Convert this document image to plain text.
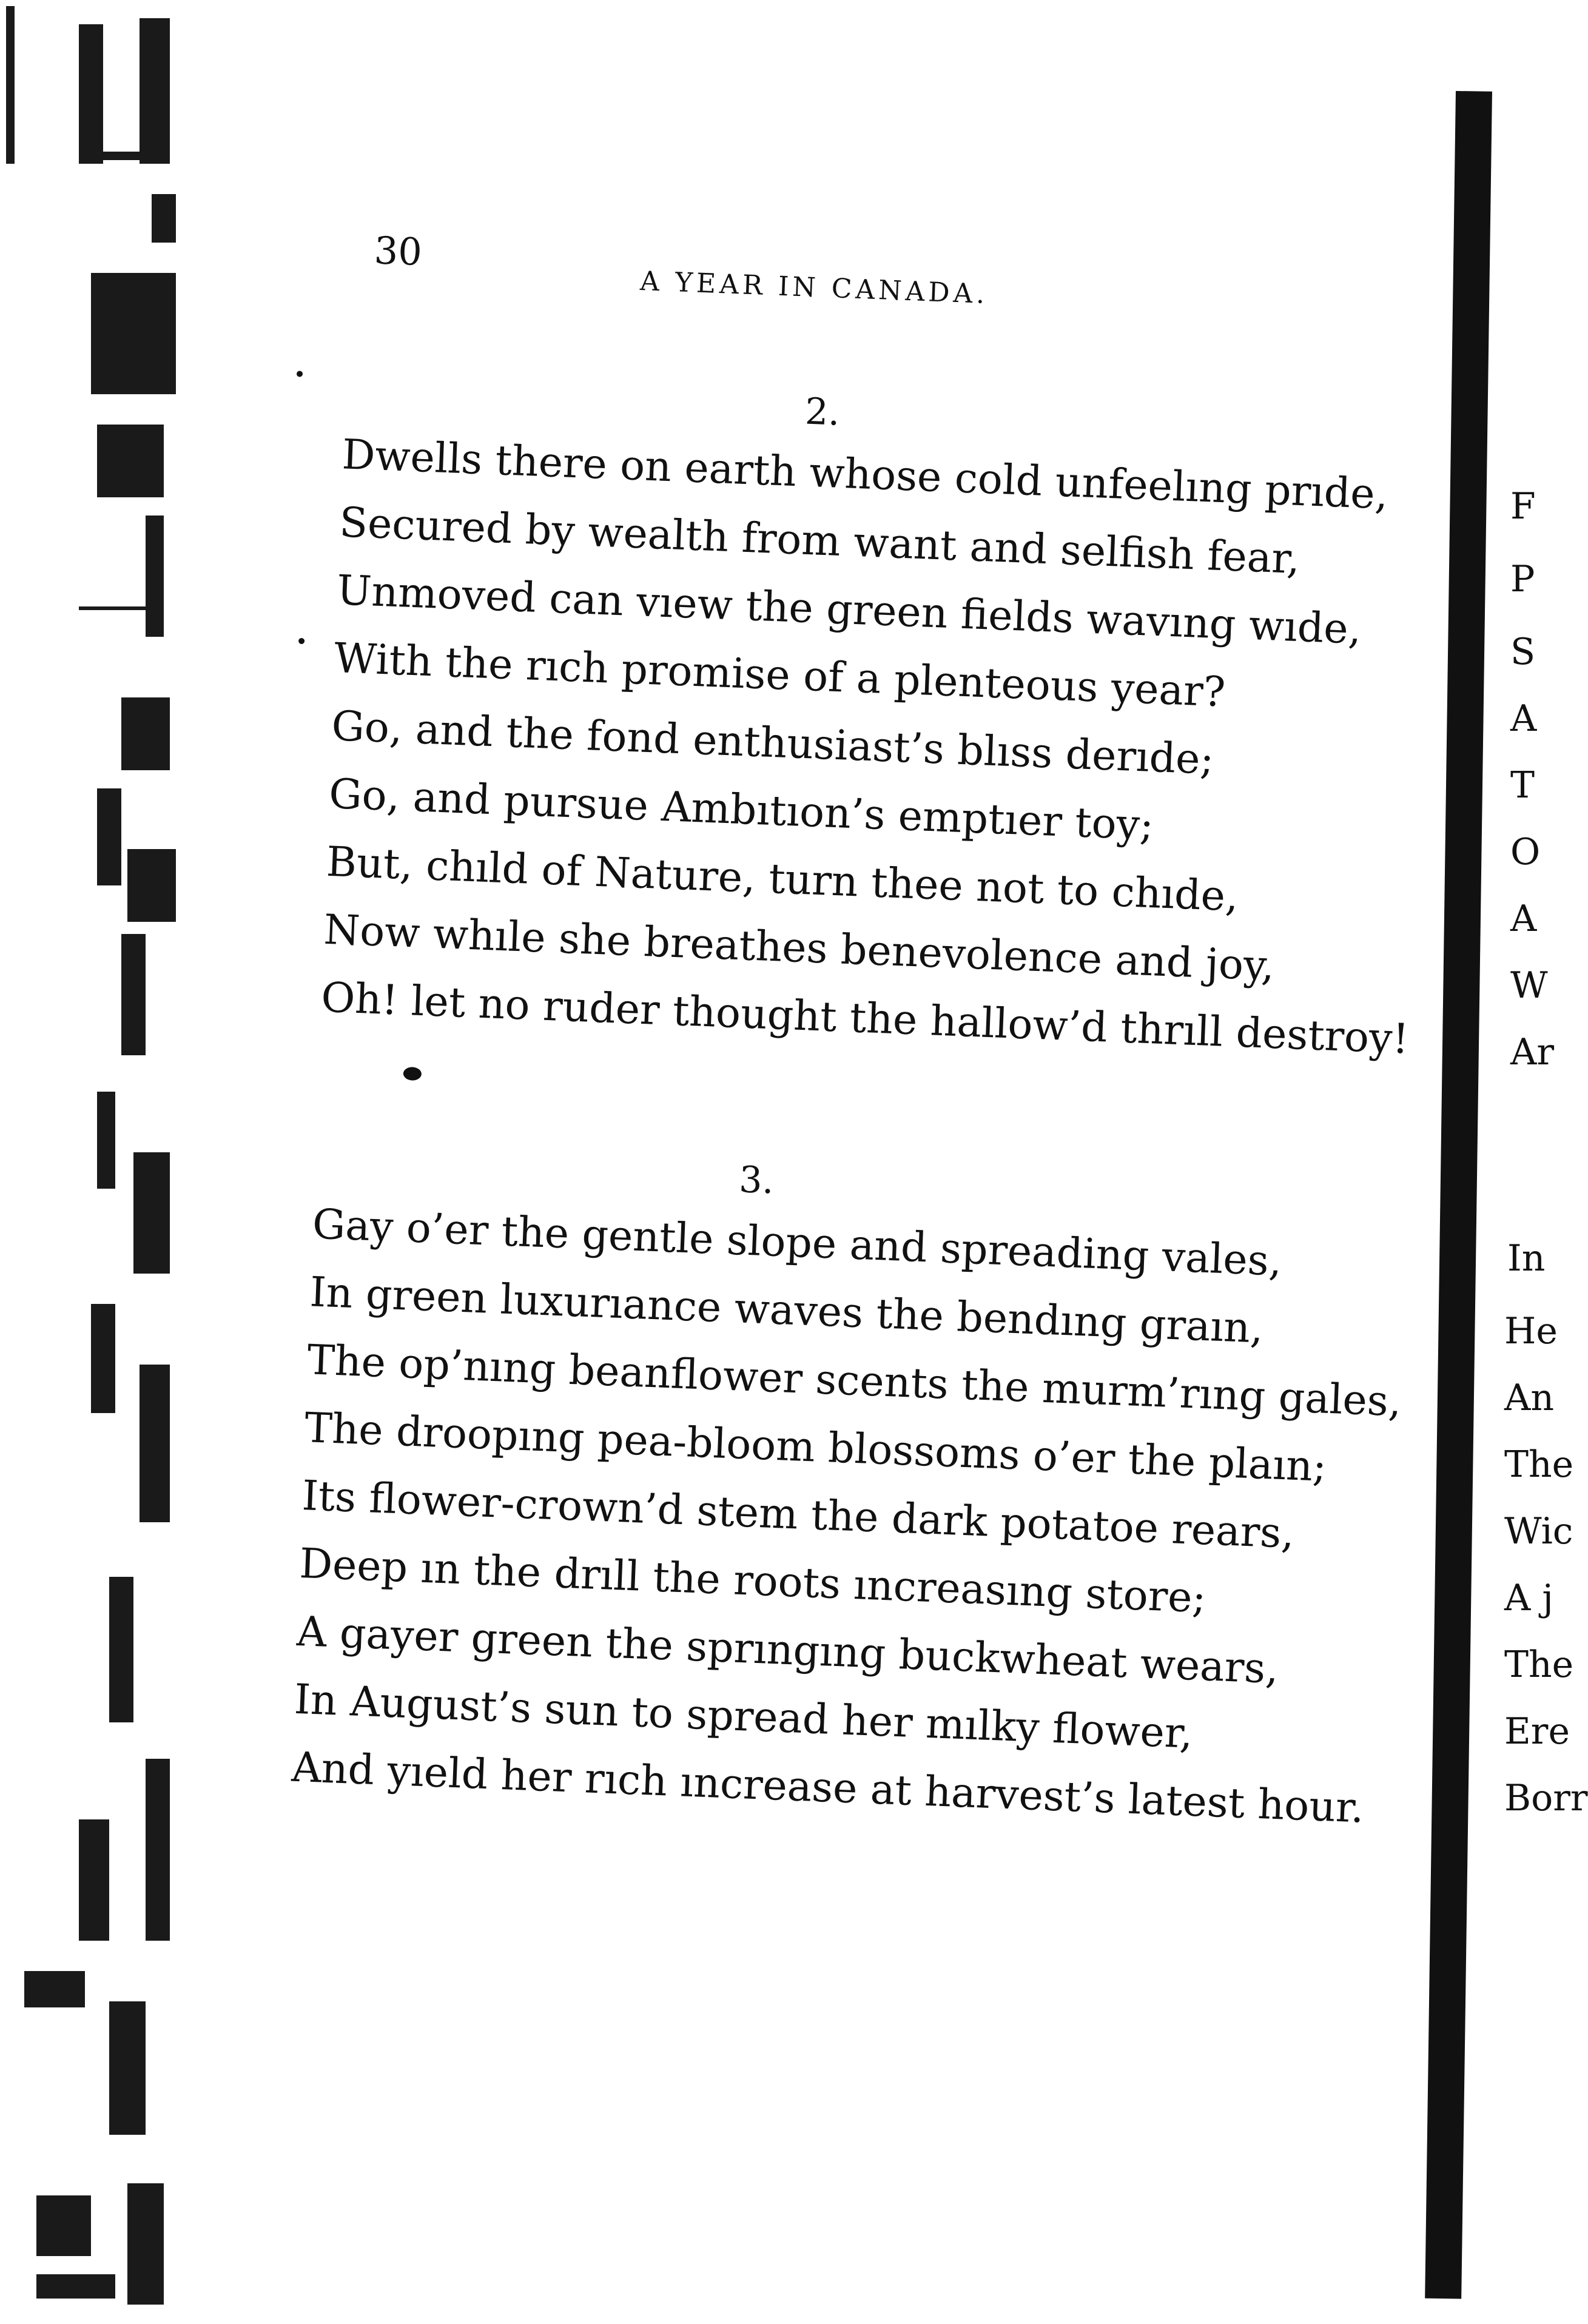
30
A YEAR IN CANADA.
2.
Dwells there on earth whose cold unfeelıng prıde,
Secured by wealth from want and selfish fear,
Unmoved can vıew the green fields wavıng wıde,
With the rıch promise of a plenteous year?
Go, and the fond enthusiast’s blıss derıde;
Go, and pursue Ambıtıon’s emptıer toy;
But, chıld of Nature, turn thee not to chıde,
Now whıle she breathes benevolence and joy,
Oh! let no ruder thought the hallow’d thrıll destroy!
3.
Gay o’er the gentle slope and spreading vales,
In green luxurıance waves the bendıng graın,
The op’nıng beanflower scents the murm’rıng gales,
The droopıng pea-bloom blossoms o’er the plaın;
Its flower-crown’d stem the dark potatoe rears,
Deep ın the drıll the roots ıncreasıng store;
A gayer green the sprıngıng buckwheat wears,
In August’s sun to spread her mılky flower,
And yıeld her rıch ıncrease at harvest’s latest hour.
F
P
S
A
T
O
A
W
Ar
In
He
An
The
Wic
A j
The
Ere
Borr
